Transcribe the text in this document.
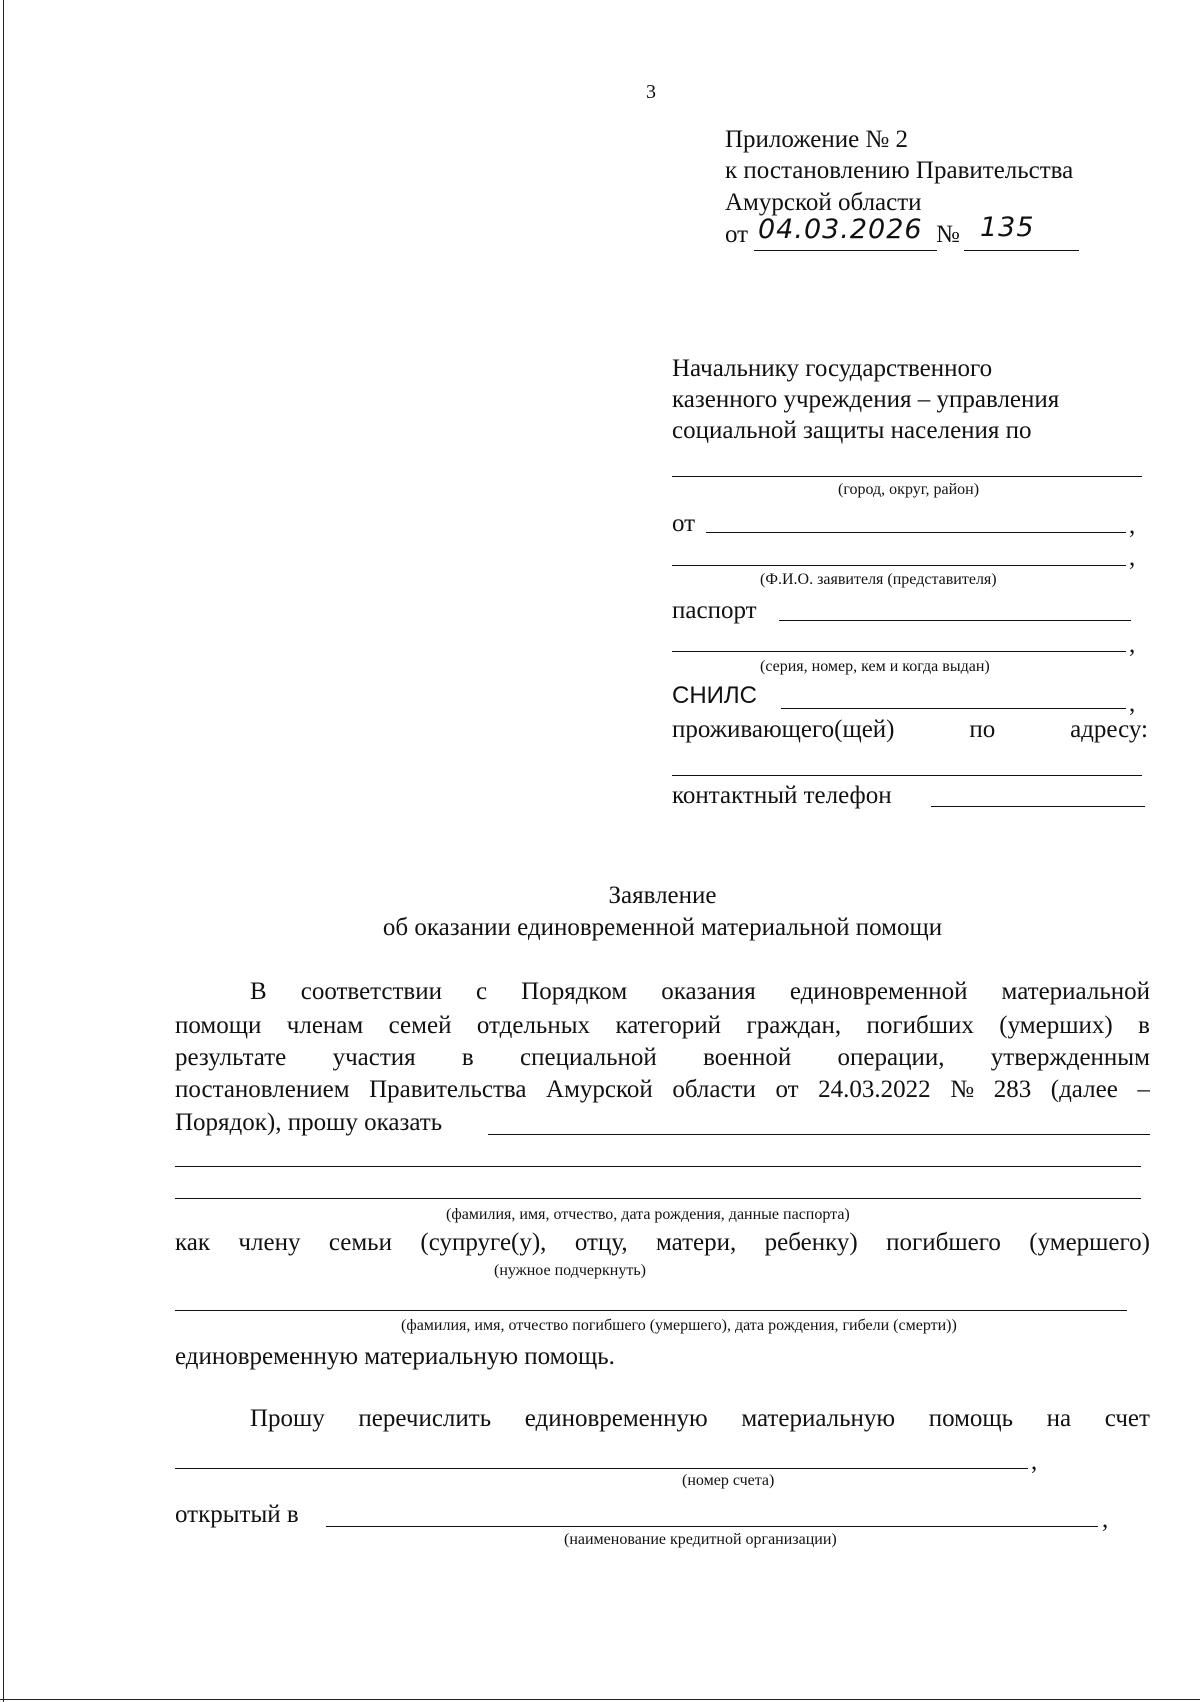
3
Приложение № 2
к постановлению Правительства
Амурской области
от 04.03.2026 № 135
Начальнику государственного
казенного учреждения – управления
социальной защиты населения по
(город, округ, район)
от	,
,
(Ф.И.О. заявителя (представителя)
паспорт
,
(серия, номер, кем и когда выдан)
СНИЛС	,
проживающего(щей)	по	адресу:
контактный телефон
Заявление
об оказании единовременной материальной помощи
В соответствии с Порядком оказания единовременной материальной
помощи членам семей отдельных категорий граждан, погибших (умерших) в
результате участия в специальной военной операции, утвержденным
постановлением Правительства Амурской области от 24.03.2022 № 283 (далее –
Порядок), прошу оказать
(фамилия, имя, отчество, дата рождения, данные паспорта)
как члену семьи (супруге(у), отцу, матери, ребенку) погибшего (умершего)
(нужное подчеркнуть)
(фамилия, имя, отчество погибшего (умершего), дата рождения, гибели (смерти))
единовременную материальную помощь.
Прошу перечислить единовременную материальную помощь на счет
,
(номер счета)
открытый в	,
(наименование кредитной организации)
